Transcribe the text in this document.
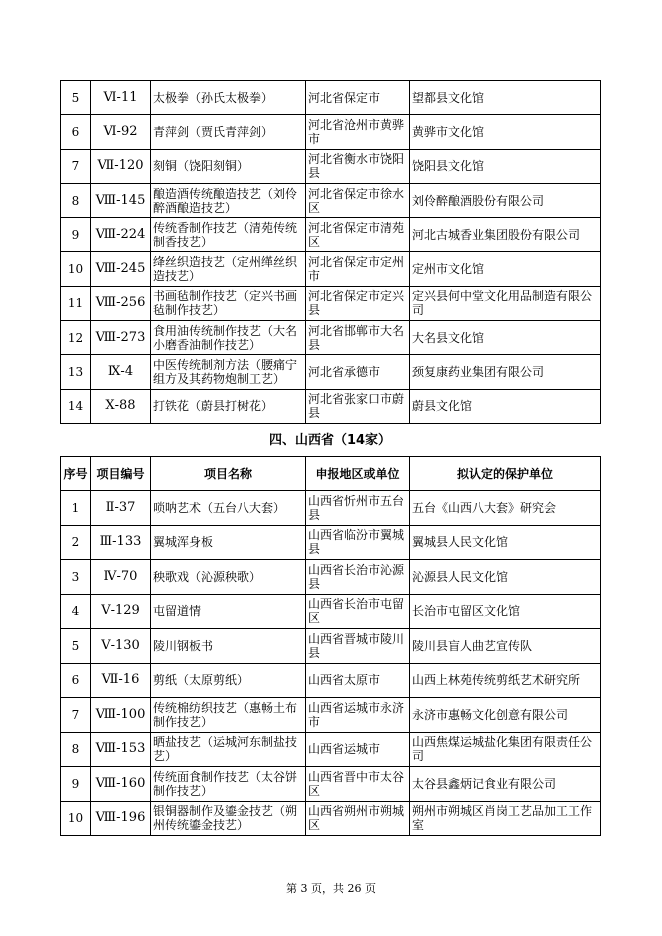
5	Ⅵ-11	太极拳（孙氏太极拳）	河北省保定市	望都县文化馆
6	Ⅵ-92	青萍剑（贾氏青萍剑）	河北省沧州市黄骅市	黄骅市文化馆
7	Ⅶ-120	刻铜（饶阳刻铜）	河北省衡水市饶阳县	饶阳县文化馆
8	Ⅷ-145	酿造酒传统酿造技艺（刘伶醉酒酿造技艺）	河北省保定市徐水区	刘伶醉酿酒股份有限公司
9	Ⅷ-224	传统香制作技艺（清苑传统制香技艺）	河北省保定市清苑区	河北古城香业集团股份有限公司
10	Ⅷ-245	绛丝织造技艺（定州缂丝织造技艺）	河北省保定市定州市	定州市文化馆
11	Ⅷ-256	书画毡制作技艺（定兴书画毡制作技艺）	河北省保定市定兴县	定兴县何中堂文化用品制造有限公司
12	Ⅷ-273	食用油传统制作技艺（大名小磨香油制作技艺）	河北省邯郸市大名县	大名县文化馆
13	Ⅸ-4	中医传统制剂方法（腰痛宁组方及其药物炮制工艺）	河北省承德市	颈复康药业集团有限公司
14	Ⅹ-88	打铁花（蔚县打树花）	河北省张家口市蔚县	蔚县文化馆
四、山西省（14家）
序号	项目编号	项目名称	申报地区或单位	拟认定的保护单位
1	Ⅱ-37	唢呐艺术（五台八大套）	山西省忻州市五台县	五台《山西八大套》研究会
2	Ⅲ-133	翼城浑身板	山西省临汾市翼城县	翼城县人民文化馆
3	Ⅳ-70	秧歌戏（沁源秧歌）	山西省长治市沁源县	沁源县人民文化馆
4	Ⅴ-129	屯留道情	山西省长治市屯留区	长治市屯留区文化馆
5	Ⅴ-130	陵川钢板书	山西省晋城市陵川县	陵川县盲人曲艺宣传队
6	Ⅶ-16	剪纸（太原剪纸）	山西省太原市	山西上林苑传统剪纸艺术研究所
7	Ⅷ-100	传统棉纺织技艺（惠畅土布制作技艺）	山西省运城市永济市	永济市惠畅文化创意有限公司
8	Ⅷ-153	晒盐技艺（运城河东制盐技艺）	山西省运城市	山西焦煤运城盐化集团有限责任公司
9	Ⅷ-160	传统面食制作技艺（太谷饼制作技艺）	山西省晋中市太谷区	太谷县鑫炳记食业有限公司
10	Ⅷ-196	银铜器制作及鎏金技艺（朔州传统鎏金技艺）	山西省朔州市朔城区	朔州市朔城区肖岗工艺品加工工作室
第 3 页，共 26 页
